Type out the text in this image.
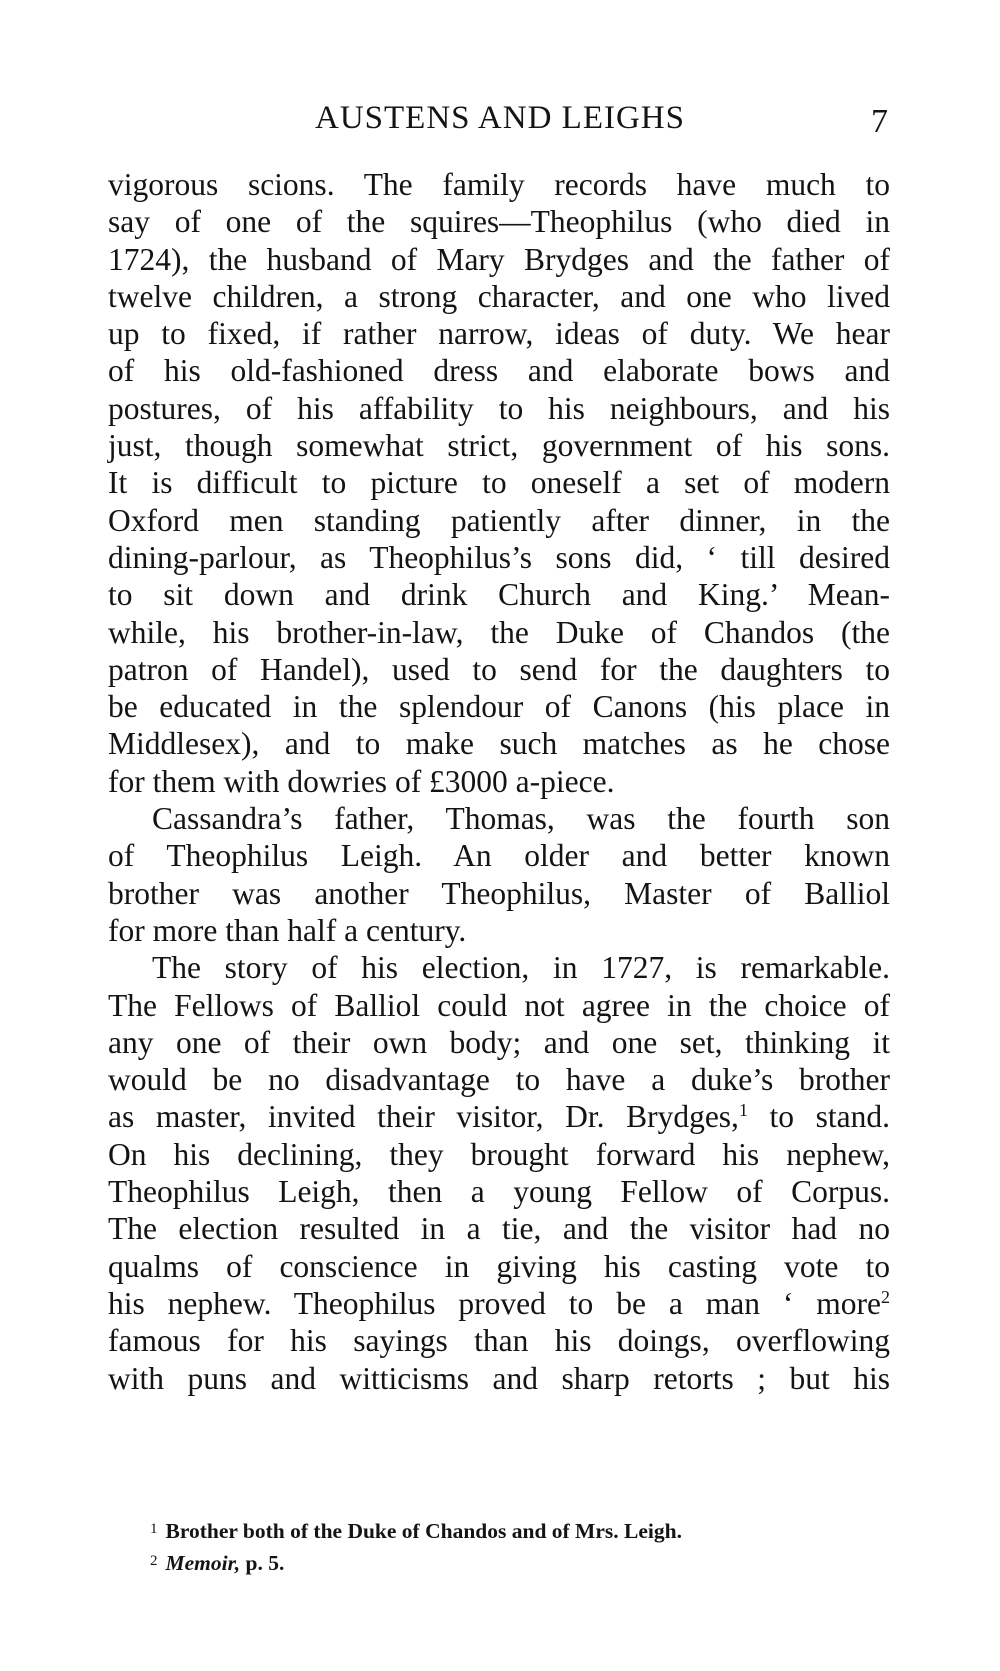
AUSTENS AND LEIGHS	7
vigorous scions. The family records have much to
say of one of the squires—Theophilus (who died in
1724), the husband of Mary Brydges and the father of
twelve children, a strong character, and one who lived
up to fixed, if rather narrow, ideas of duty. We hear
of his old-fashioned dress and elaborate bows and
postures, of his affability to his neighbours, and his
just, though somewhat strict, government of his sons.
It is difficult to picture to oneself a set of modern
Oxford men standing patiently after dinner, in the
dining-parlour, as Theophilus’s sons did, ‘ till desired
to sit down and drink Church and King.’ Mean-
while, his brother-in-law, the Duke of Chandos (the
patron of Handel), used to send for the daughters to
be educated in the splendour of Canons (his place in
Middlesex), and to make such matches as he chose
for them with dowries of £3000 a-piece.
Cassandra’s father, Thomas, was the fourth son
of Theophilus Leigh. An older and better known
brother was another Theophilus, Master of Balliol
for more than half a century.
The story of his election, in 1727, is remarkable.
The Fellows of Balliol could not agree in the choice of
any one of their own body; and one set, thinking it
would be no disadvantage to have a duke’s brother
as master, invited their visitor, Dr. Brydges,$^1$ to stand.
On his declining, they brought forward his nephew,
Theophilus Leigh, then a young Fellow of Corpus.
The election resulted in a tie, and the visitor had no
qualms of conscience in giving his casting vote to
his nephew. Theophilus proved to be a man ‘ more$^2$
famous for his sayings than his doings, overflowing
with puns and witticisms and sharp retorts ; but his
$^1$ Brother both of the Duke of Chandos and of Mrs. Leigh.
$^2$ Memoir, p. 5.
